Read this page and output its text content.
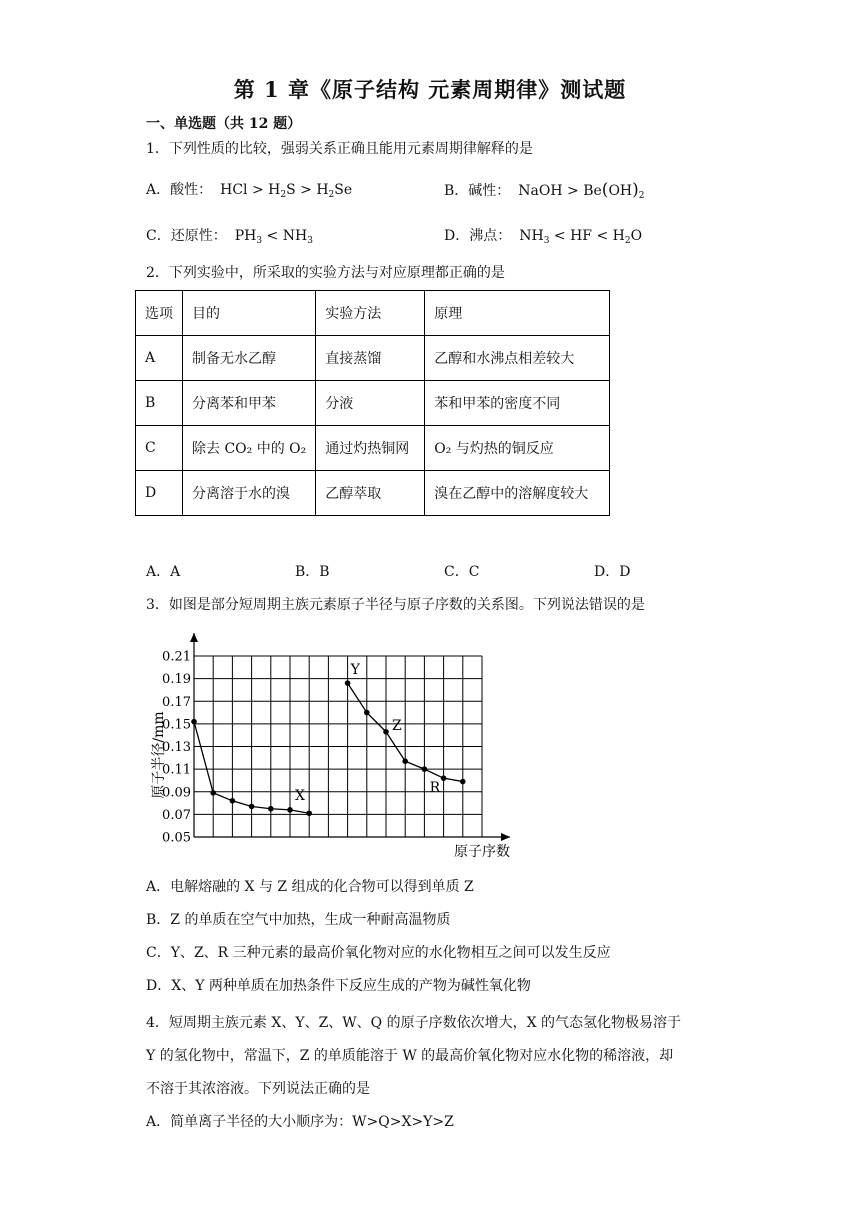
第 1 章《原子结构 元素周期律》测试题
一、单选题（共 12 题）
1．下列性质的比较，强弱关系正确且能用元素周期律解释的是
A．酸性： HCl > $H_2S > H_2Se$	B．碱性： NaOH > $Be(OH)_2$
C．还原性： $PH_3 < NH_3$	D．沸点： $NH_3$ < HF < $H_2O$
2．下列实验中，所采取的实验方法与对应原理都正确的是
选项	目的	实验方法	原理
A	制备无水乙醇	直接蒸馏	乙醇和水沸点相差较大
B	分离苯和甲苯	分液	苯和甲苯的密度不同
C	除去 CO₂ 中的 O₂	通过灼热铜网	O₂ 与灼热的铜反应
D	分离溶于水的溴	乙醇萃取	溴在乙醇中的溶解度较大
A．A	B．B	C．C	D．D
3．如图是部分短周期主族元素原子半径与原子序数的关系图。下列说法错误的是
0.21
0.19
0.17
0.15
0.13
0.11
0.09
0.07
0.05
X
Y
Z
R
原子半径/mm
原子序数
A．电解熔融的 X 与 Z 组成的化合物可以得到单质 Z
B．Z 的单质在空气中加热，生成一种耐高温物质
C．Y、Z、R 三种元素的最高价氧化物对应的水化物相互之间可以发生反应
D．X、Y 两种单质在加热条件下反应生成的产物为碱性氧化物
4．短周期主族元素 X、Y、Z、W、Q 的原子序数依次增大，X 的气态氢化物极易溶于
Y 的氢化物中，常温下，Z 的单质能溶于 W 的最高价氧化物对应水化物的稀溶液，却
不溶于其浓溶液。下列说法正确的是
A．简单离子半径的大小顺序为：W>Q>X>Y>Z
